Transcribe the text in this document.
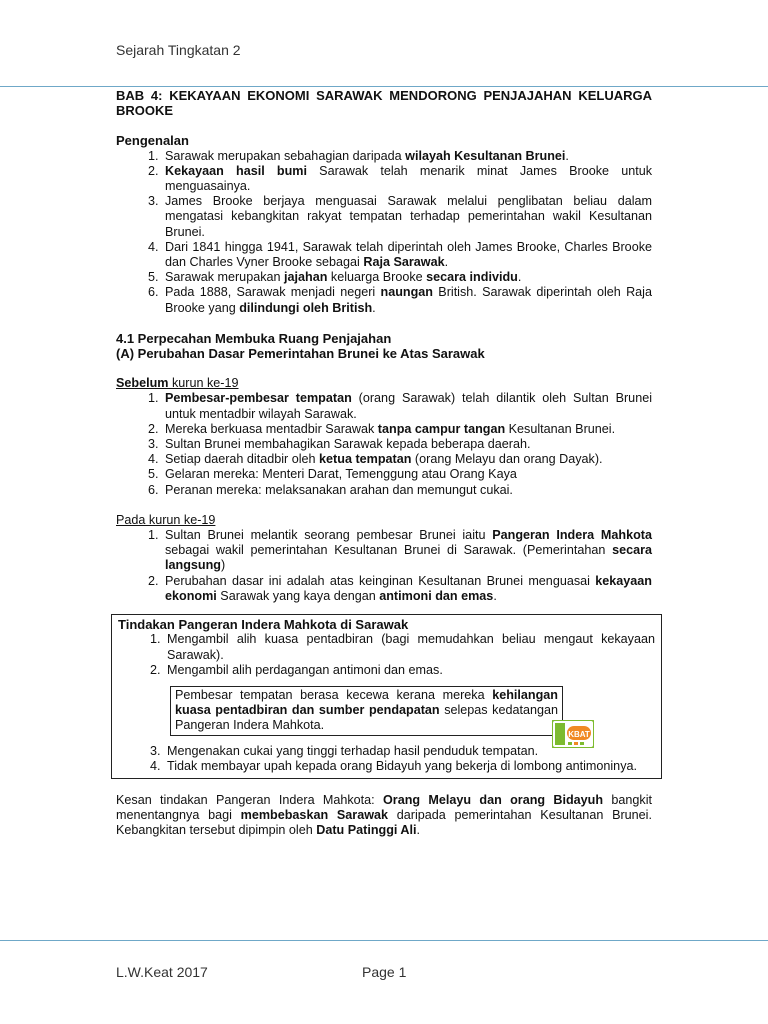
Sejarah Tingkatan 2

BAB 4: KEKAYAAN EKONOMI SARAWAK MENDORONG PENJAJAHAN KELUARGA BROOKE

Pengenalan

1. Sarawak merupakan sebahagian daripada wilayah Kesultanan Brunei.
2. Kekayaan hasil bumi Sarawak telah menarik minat James Brooke untuk menguasainya.
3. James Brooke berjaya menguasai Sarawak melalui penglibatan beliau dalam mengatasi kebangkitan rakyat tempatan terhadap pemerintahan wakil Kesultanan Brunei.
4. Dari 1841 hingga 1941, Sarawak telah diperintah oleh James Brooke, Charles Brooke dan Charles Vyner Brooke sebagai Raja Sarawak.
5. Sarawak merupakan jajahan keluarga Brooke secara individu.
6. Pada 1888, Sarawak menjadi negeri naungan British. Sarawak diperintah oleh Raja Brooke yang dilindungi oleh British.

4.1 Perpecahan Membuka Ruang Penjajahan

(A) Perubahan Dasar Pemerintahan Brunei ke Atas Sarawak

Sebelum kurun ke-19

1. Pembesar-pembesar tempatan (orang Sarawak) telah dilantik oleh Sultan Brunei untuk mentadbir wilayah Sarawak.
2. Mereka berkuasa mentadbir Sarawak tanpa campur tangan Kesultanan Brunei.
3. Sultan Brunei membahagikan Sarawak kepada beberapa daerah.
4. Setiap daerah ditadbir oleh ketua tempatan (orang Melayu dan orang Dayak).
5. Gelaran mereka: Menteri Darat, Temenggung atau Orang Kaya
6. Peranan mereka: melaksanakan arahan dan memungut cukai.

Pada kurun ke-19

1. Sultan Brunei melantik seorang pembesar Brunei iaitu Pangeran Indera Mahkota sebagai wakil pemerintahan Kesultanan Brunei di Sarawak. (Pemerintahan secara langsung)
2. Perubahan dasar ini adalah atas keinginan Kesultanan Brunei menguasai kekayaan ekonomi Sarawak yang kaya dengan antimoni dan emas.

Tindakan Pangeran Indera Mahkota di Sarawak

1. Mengambil alih kuasa pentadbiran (bagi memudahkan beliau mengaut kekayaan Sarawak).
2. Mengambil alih perdagangan antimoni dan emas.
Pembesar tempatan berasa kecewa kerana mereka kehilangan kuasa pentadbiran dan sumber pendapatan selepas kedatangan Pangeran Indera Mahkota.
3. Mengenakan cukai yang tinggi terhadap hasil penduduk tempatan.
4. Tidak membayar upah kepada orang Bidayuh yang bekerja di lombong antimoninya.

Kesan tindakan Pangeran Indera Mahkota: Orang Melayu dan orang Bidayuh bangkit menentangnya bagi membebaskan Sarawak daripada pemerintahan Kesultanan Brunei. Kebangkitan tersebut dipimpin oleh Datu Patinggi Ali.

KBAT
L.W.Keat 2017	Page 1
